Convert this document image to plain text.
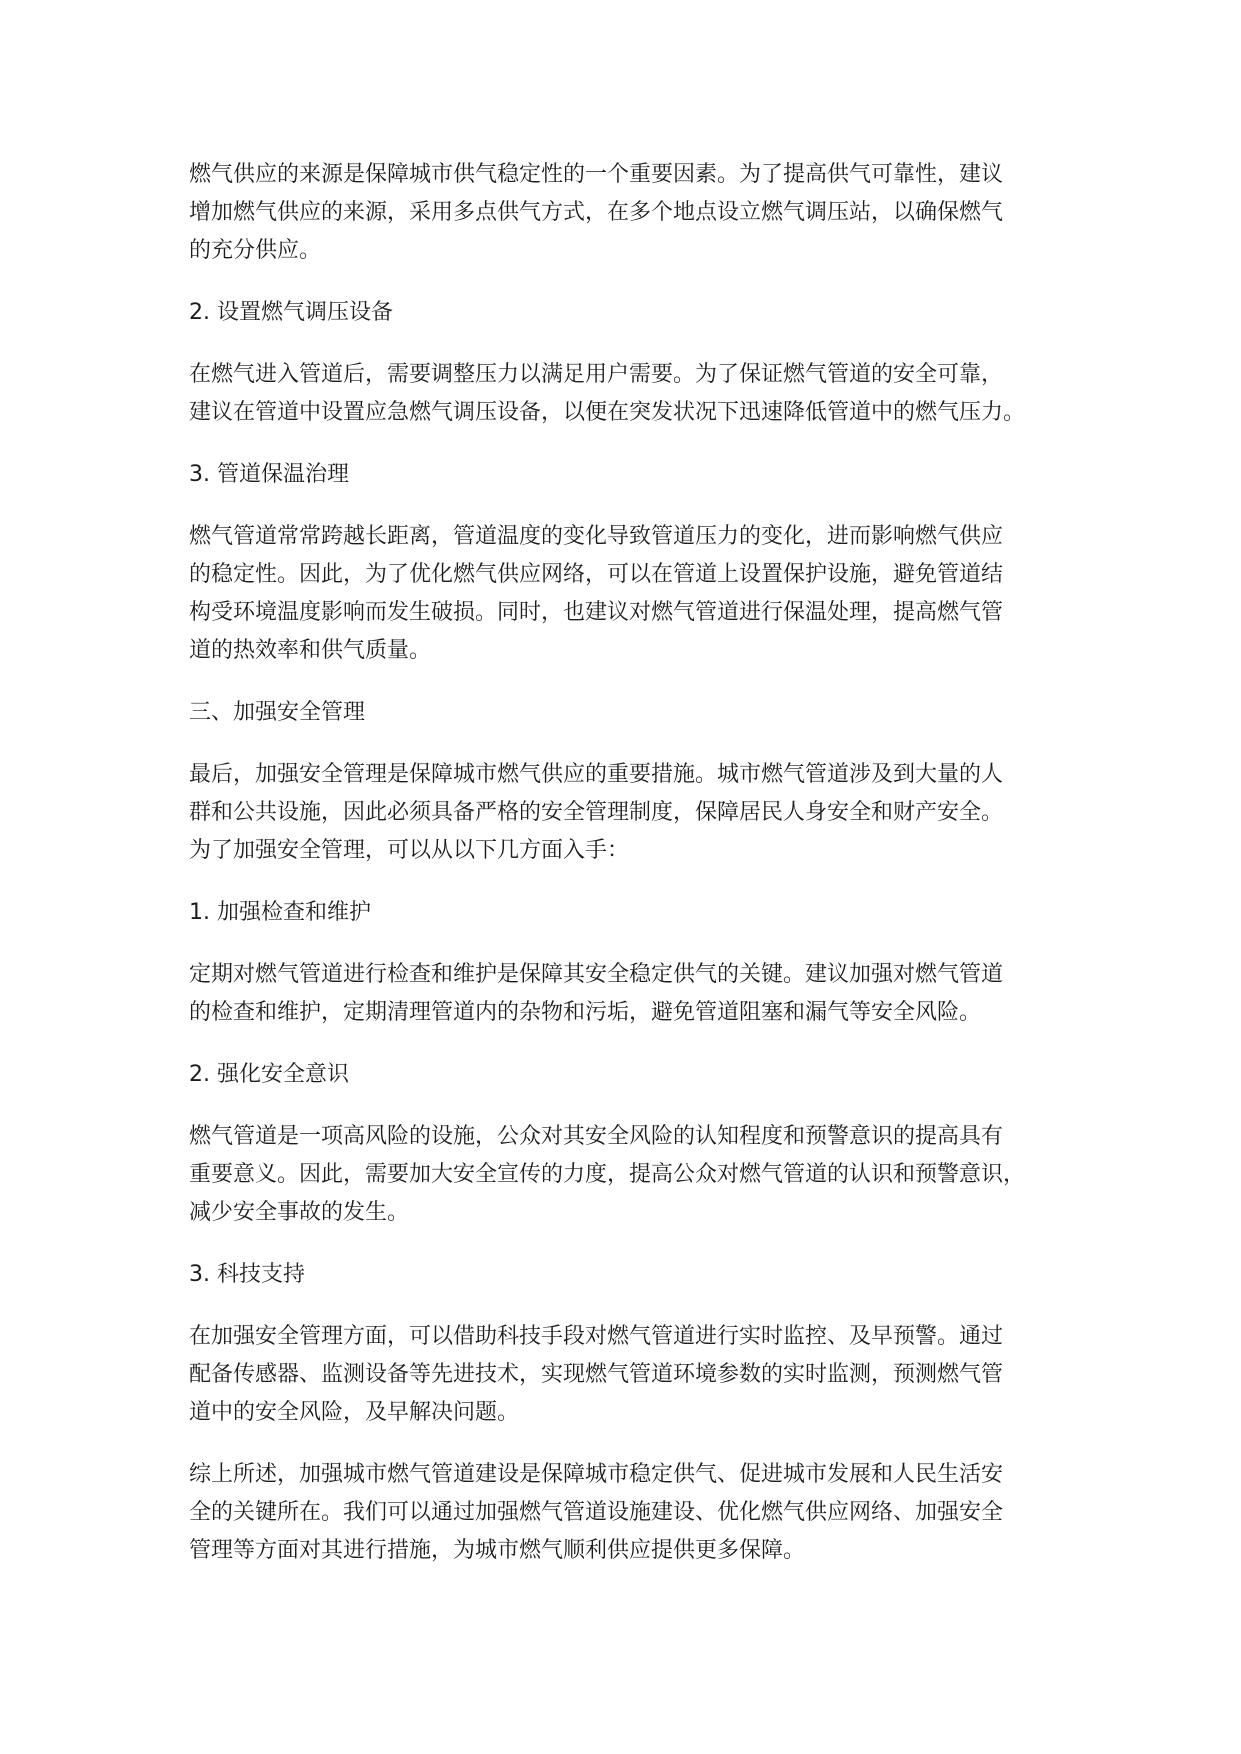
燃气供应的来源是保障城市供气稳定性的一个重要因素。为了提高供气可靠性，建议
增加燃气供应的来源，采用多点供气方式，在多个地点设立燃气调压站，以确保燃气
的充分供应。
2. 设置燃气调压设备
在燃气进入管道后，需要调整压力以满足用户需要。为了保证燃气管道的安全可靠，
建议在管道中设置应急燃气调压设备，以便在突发状况下迅速降低管道中的燃气压力。
3. 管道保温治理
燃气管道常常跨越长距离，管道温度的变化导致管道压力的变化，进而影响燃气供应
的稳定性。因此，为了优化燃气供应网络，可以在管道上设置保护设施，避免管道结
构受环境温度影响而发生破损。同时，也建议对燃气管道进行保温处理，提高燃气管
道的热效率和供气质量。
三、加强安全管理
最后，加强安全管理是保障城市燃气供应的重要措施。城市燃气管道涉及到大量的人
群和公共设施，因此必须具备严格的安全管理制度，保障居民人身安全和财产安全。
为了加强安全管理，可以从以下几方面入手：
1. 加强检查和维护
定期对燃气管道进行检查和维护是保障其安全稳定供气的关键。建议加强对燃气管道
的检查和维护，定期清理管道内的杂物和污垢，避免管道阻塞和漏气等安全风险。
2. 强化安全意识
燃气管道是一项高风险的设施，公众对其安全风险的认知程度和预警意识的提高具有
重要意义。因此，需要加大安全宣传的力度，提高公众对燃气管道的认识和预警意识，
减少安全事故的发生。
3. 科技支持
在加强安全管理方面，可以借助科技手段对燃气管道进行实时监控、及早预警。通过
配备传感器、监测设备等先进技术，实现燃气管道环境参数的实时监测，预测燃气管
道中的安全风险，及早解决问题。
综上所述，加强城市燃气管道建设是保障城市稳定供气、促进城市发展和人民生活安
全的关键所在。我们可以通过加强燃气管道设施建设、优化燃气供应网络、加强安全
管理等方面对其进行措施，为城市燃气顺利供应提供更多保障。
